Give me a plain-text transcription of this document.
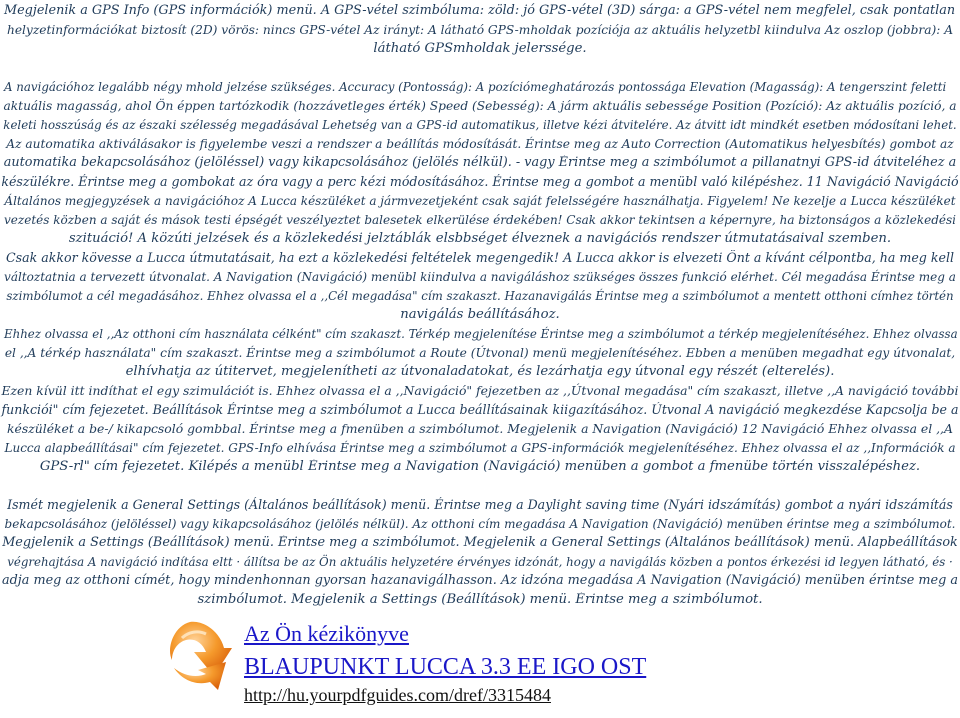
Megjelenik a GPS Info (GPS információk) menü. A GPS-vétel szimbóluma: zöld: jó GPS-vétel (3D) sárga: a GPS-vétel nem megfelel, csak pontatlan
helyzetinformációkat biztosít (2D) vörös: nincs GPS-vétel Az irányt: A látható GPS-mholdak pozíciója az aktuális helyzetbl kiindulva Az oszlop (jobbra): A
látható GPSmholdak jelerssége.
A navigációhoz legalább négy mhold jelzése szükséges. Accuracy (Pontosság): A pozíciómeghatározás pontossága Elevation (Magasság): A tengerszint feletti
aktuális magasság, ahol Ön éppen tartózkodik (hozzávetleges érték) Speed (Sebesség): A járm aktuális sebessége Position (Pozíció): Az aktuális pozíció, a
keleti hosszúság és az északi szélesség megadásával Lehetség van a GPS-id automatikus, illetve kézi átvitelére. Az átvitt idt mindkét esetben módosítani lehet.
Az automatika aktiválásakor is figyelembe veszi a rendszer a beállítás módosítását. Érintse meg az Auto Correction (Automatikus helyesbítés) gombot az
automatika bekapcsolásához (jelöléssel) vagy kikapcsolásához (jelölés nélkül). - vagy Érintse meg a szimbólumot a pillanatnyi GPS-id átviteléhez a
készülékre. Érintse meg a gombokat az óra vagy a perc kézi módosításához. Érintse meg a gombot a menübl való kilépéshez. 11 Navigáció Navigáció
Általános megjegyzések a navigációhoz A Lucca készüléket a jármvezetjeként csak saját felelsségére használhatja. Figyelem! Ne kezelje a Lucca készüléket
vezetés közben a saját és mások testi épségét veszélyeztet balesetek elkerülése érdekében! Csak akkor tekintsen a képernyre, ha biztonságos a közlekedési
szituáció! A közúti jelzések és a közlekedési jelztáblák elsbbséget élveznek a navigációs rendszer útmutatásaival szemben.
Csak akkor kövesse a Lucca útmutatásait, ha ezt a közlekedési feltételek megengedik! A Lucca akkor is elvezeti Önt a kívánt célpontba, ha meg kell
változtatnia a tervezett útvonalat. A Navigation (Navigáció) menübl kiindulva a navigáláshoz szükséges összes funkció elérhet. Cél megadása Érintse meg a
szimbólumot a cél megadásához. Ehhez olvassa el a ,,Cél megadása" cím szakaszt. Hazanavigálás Érintse meg a szimbólumot a mentett otthoni címhez történ
navigálás beállításához.
Ehhez olvassa el ,,Az otthoni cím használata célként" cím szakaszt. Térkép megjelenítése Érintse meg a szimbólumot a térkép megjelenítéséhez. Ehhez olvassa
el ,,A térkép használata" cím szakaszt. Érintse meg a szimbólumot a Route (Útvonal) menü megjelenítéséhez. Ebben a menüben megadhat egy útvonalat,
elhívhatja az útitervet, megjelenítheti az útvonaladatokat, és lezárhatja egy útvonal egy részét (elterelés).
Ezen kívül itt indíthat el egy szimulációt is. Ehhez olvassa el a ,,Navigáció" fejezetben az ,,Útvonal megadása" cím szakaszt, illetve ,,A navigáció további
funkciói" cím fejezetet. Beállítások Érintse meg a szimbólumot a Lucca beállításainak kiigazításához. Útvonal A navigáció megkezdése Kapcsolja be a
készüléket a be-/ kikapcsoló gombbal. Érintse meg a fmenüben a szimbólumot. Megjelenik a Navigation (Navigáció) 12 Navigáció Ehhez olvassa el ,,A
Lucca alapbeállításai" cím fejezetet. GPS-Info elhívása Érintse meg a szimbólumot a GPS-információk megjelenítéséhez. Ehhez olvassa el az ,,Információk a
GPS-rl" cím fejezetet. Kilépés a menübl Érintse meg a Navigation (Navigáció) menüben a gombot a fmenübe történ visszalépéshez.
Ismét megjelenik a General Settings (Általános beállítások) menü. Érintse meg a Daylight saving time (Nyári idszámítás) gombot a nyári idszámítás
bekapcsolásához (jelöléssel) vagy kikapcsolásához (jelölés nélkül). Az otthoni cím megadása A Navigation (Navigáció) menüben érintse meg a szimbólumot.
Megjelenik a Settings (Beállítások) menü. Érintse meg a szimbólumot. Megjelenik a General Settings (Általános beállítások) menü. Alapbeállítások
végrehajtása A navigáció indítása eltt · állítsa be az Ön aktuális helyzetére érvényes idzónát, hogy a navigálás közben a pontos érkezési id legyen látható, és ·
adja meg az otthoni címét, hogy mindenhonnan gyorsan hazanavigálhasson. Az idzóna megadása A Navigation (Navigáció) menüben érintse meg a
szimbólumot. Megjelenik a Settings (Beállítások) menü. Érintse meg a szimbólumot.
Az Ön kézikönyve
BLAUPUNKT LUCCA 3.3 EE IGO OST
http://hu.yourpdfguides.com/dref/3315484
